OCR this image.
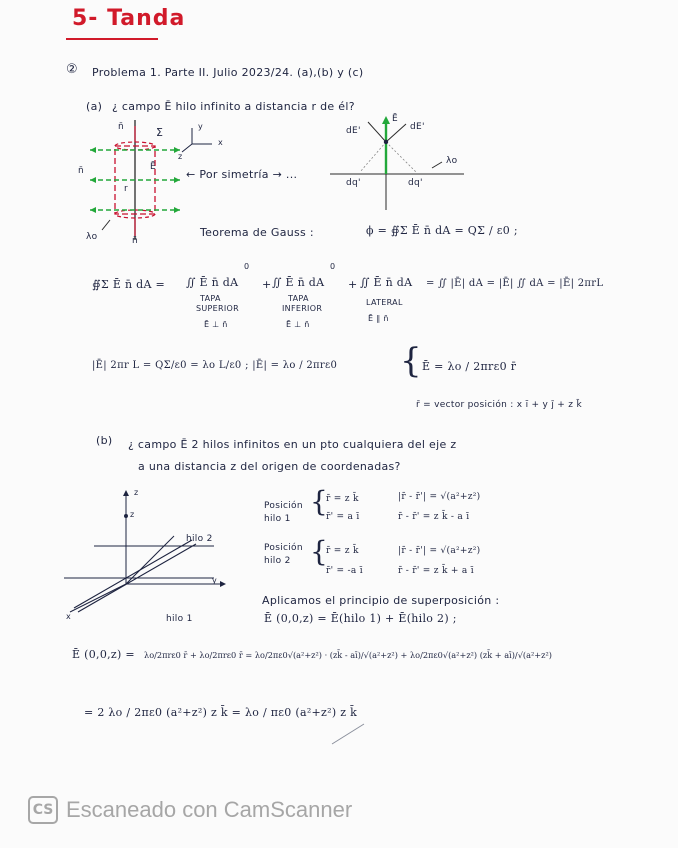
5- Tanda
② Problema 1. Parte II. Julio 2023/24. (a),(b) y (c)
(a) ¿ campo Ē hilo infinito a distancia r de él?
n̄	Σ
n̄	Ē
r
λo	n̄
y
x
z
← Por simetría → ...
dE'
Ē
dE'
dq'	dq'
λo
Teorema de Gauss :	ϕ = ∯Σ Ē n̄ dA = QΣ / ε0 ;
∯Σ Ē n̄ dA = ∬ Ē n̄ dA
0
TAPA
SUPERIOR
Ē ⊥ n̄
+ ∬ Ē n̄ dA
0
TAPA
INFERIOR
Ē ⊥ n̄
+ ∬ Ē n̄ dA
LATERAL
Ē ∥ n̄
= ∬ |Ē| dA = |Ē| ∬ dA = |Ē| 2πrL
|Ē| 2πr L = QΣ/ε0 = λo L/ε0 ; |Ē| = λo / 2πrε0 { Ē = λo / 2πrε0 r̄
r̄ = vector posición : x ī + y j̄ + z k̄
(b) ¿ campo Ē 2 hilos infinitos en un pto cualquiera del eje z
a una distancia z del origen de coordenadas?
z
z
y
x
hilo 2
hilo 1
Posición hilo 1
{
r̄ = z k̄
r̄' = a ī
|r̄ - r̄'| = √(a²+z²)
r̄ - r̄' = z k̄ - a ī
Posición hilo 2 {
r̄ = z k̄
r̄' = -a ī
|r̄ - r̄'| = √(a²+z²)
r̄ - r̄' = z k̄ + a ī
Aplicamos el principio de superposición :
Ē (0,0,z) = Ē(hilo 1) + Ē(hilo 2) ;
Ē (0,0,z) = λo/2πrε0 r̄ + λo/2πrε0 r̄ = λo/2πε0√(a²+z²) · (zk̄ - aī)/√(a²+z²) + λo/2πε0√(a²+z²) (zk̄ + aī)/√(a²+z²)
= 2 λo / 2πε0 (a²+z²) z k̄ = λo / πε0 (a²+z²) z k̄
CS Escaneado con CamScanner
